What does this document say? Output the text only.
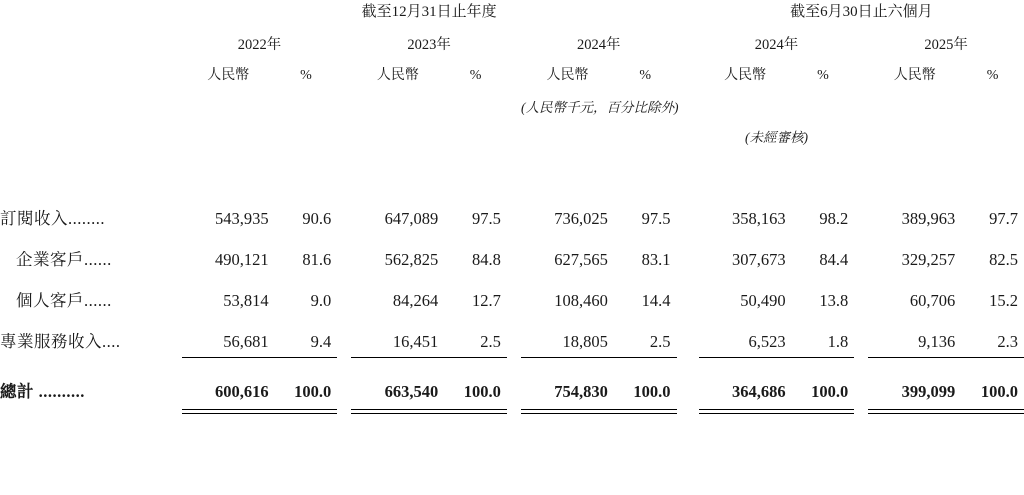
	截至12月31日止年度									截至6月30日止六個月				

	2022年			2023年			2024年			2024年			2025年	

	人民幣	%		人民幣	%		人民幣	%		人民幣	%		人民幣	%
							(人民幣千元，百分比除外)							
										(未經審核)				

訂閱收入........	543,935	90.6		647,089	97.5		736,025	97.5		358,163	98.2		389,963	97.7
企業客戶......	490,121	81.6		562,825	84.8		627,565	83.1		307,673	84.4		329,257	82.5
個人客戶......	53,814	9.0		84,264	12.7		108,460	14.4		50,490	13.8		60,706	15.2
專業服務收入....	56,681	9.4		16,451	2.5		18,805	2.5		6,523	1.8		9,136	2.3

總計 ..........	600,616	100.0		663,540	100.0		754,830	100.0		364,686	100.0		399,099	100.0
